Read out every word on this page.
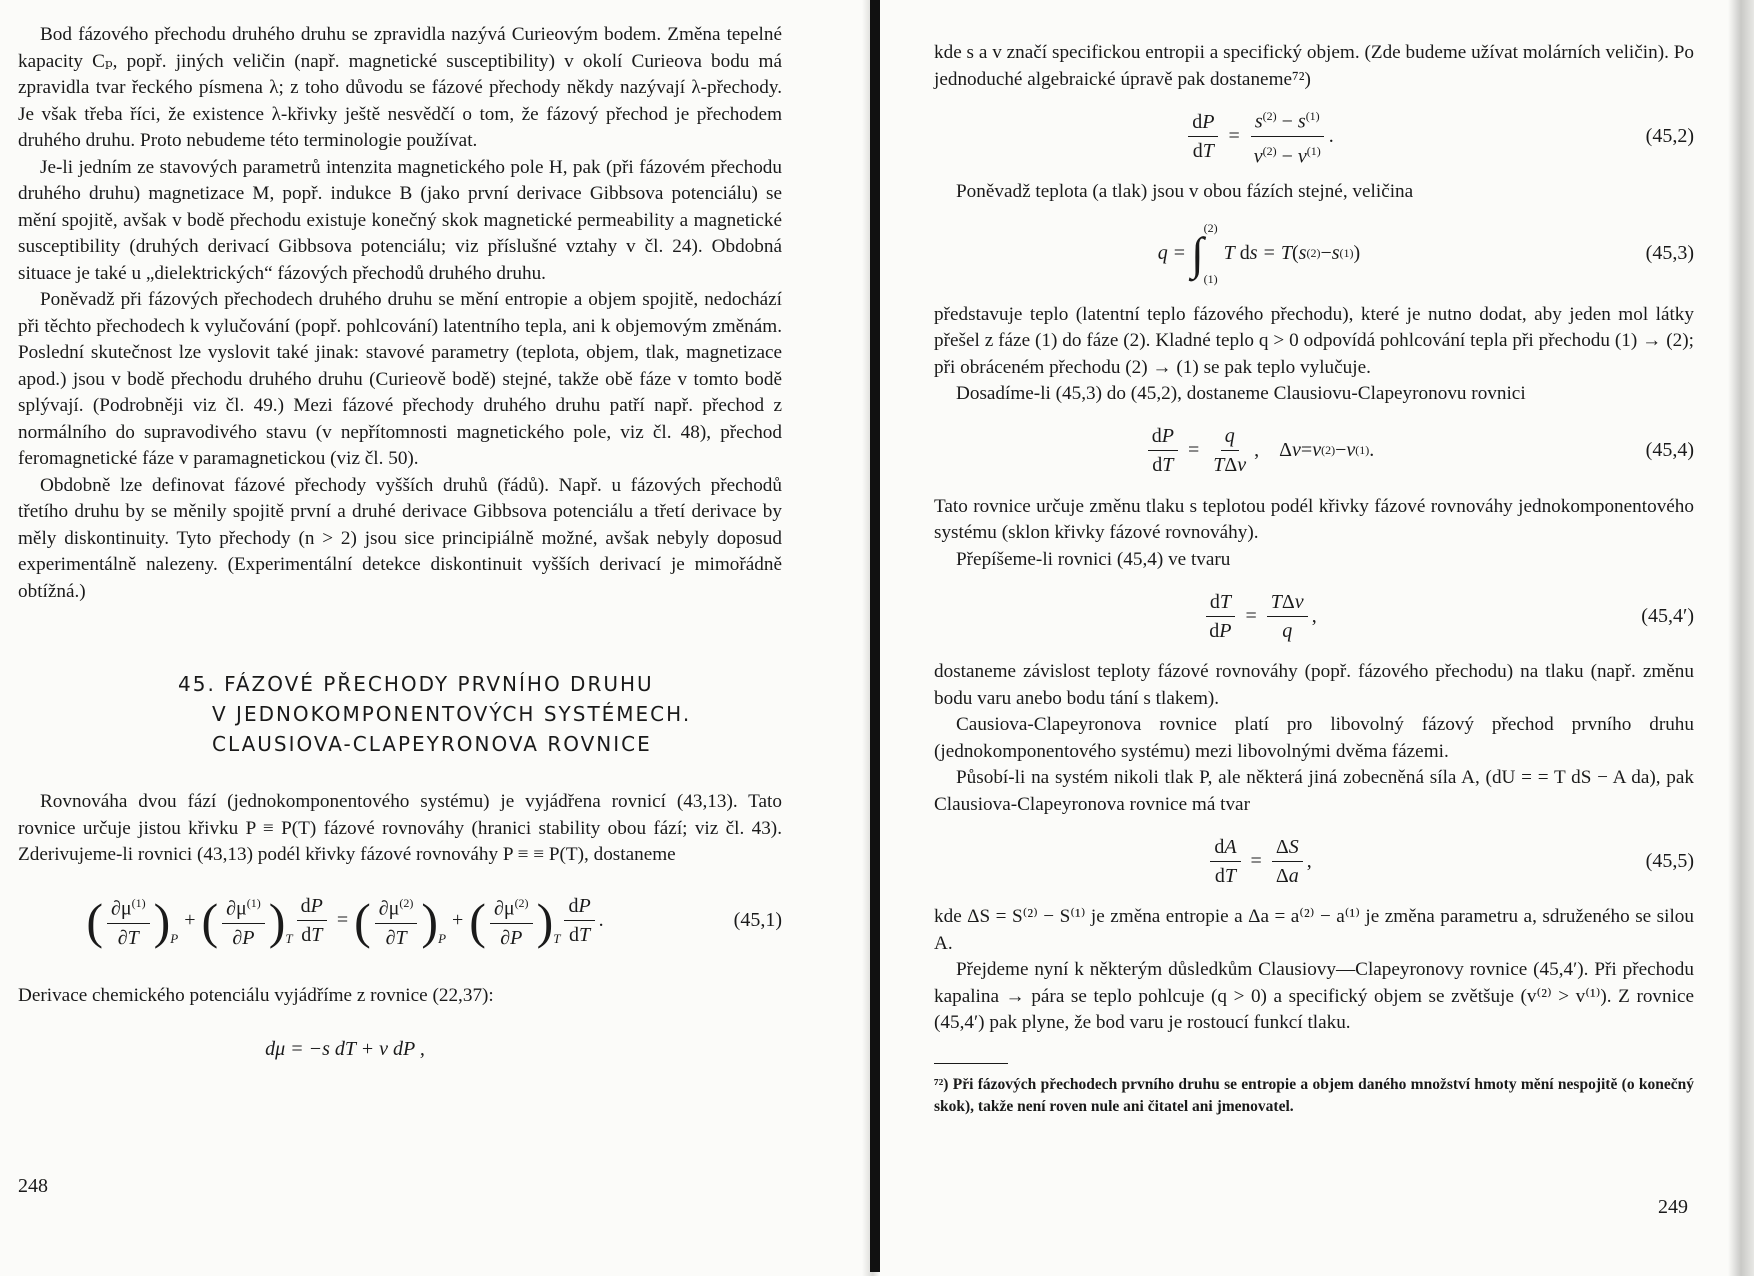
Bod fázového přechodu druhého druhu se zpravidla nazývá Curieovým bodem. Změna tepelné kapacity Cₚ, popř. jiných veličin (např. magnetické susceptibility) v okolí Curieova bodu má zpravidla tvar řeckého písmena λ; z toho důvodu se fázové přechody někdy nazývají λ-přechody. Je však třeba říci, že existence λ-křivky ještě nesvědčí o tom, že fázový přechod je přechodem druhého druhu. Proto nebudeme této terminologie používat.

Je-li jedním ze stavových parametrů intenzita magnetického pole H, pak (při fázovém přechodu druhého druhu) magnetizace M, popř. indukce B (jako první derivace Gibbsova potenciálu) se mění spojitě, avšak v bodě přechodu existuje konečný skok magnetické permeability a magnetické susceptibility (druhých derivací Gibbsova potenciálu; viz příslušné vztahy v čl. 24). Obdobná situace je také u „dielektrických“ fázových přechodů druhého druhu.

Poněvadž při fázových přechodech druhého druhu se mění entropie a objem spojitě, nedochází při těchto přechodech k vylučování (popř. pohlcování) latentního tepla, ani k objemovým změnám. Poslední skutečnost lze vyslovit také jinak: stavové parametry (teplota, objem, tlak, magnetizace apod.) jsou v bodě přechodu druhého druhu (Curieově bodě) stejné, takže obě fáze v tomto bodě splývají. (Podrobněji viz čl. 49.) Mezi fázové přechody druhého druhu patří např. přechod z normálního do supravodivého stavu (v nepřítomnosti magnetického pole, viz čl. 48), přechod feromagnetické fáze v paramagnetickou (viz čl. 50).

Obdobně lze definovat fázové přechody vyšších druhů (řádů). Např. u fázových přechodů třetího druhu by se měnily spojitě první a druhé derivace Gibbsova potenciálu a třetí derivace by měly diskontinuity. Tyto přechody (n > 2) jsou sice principiálně možné, avšak nebyly doposud experimentálně nalezeny. (Experimentální detekce diskontinuit vyšších derivací je mimořádně obtížná.)

45. FÁZOVÉ PŘECHODY PRVNÍHO DRUHU
V JEDNOKOMPONENTOVÝCH SYSTÉMECH.
CLAUSIOVA-CLAPEYRONOVA ROVNICE

Rovnováha dvou fází (jednokomponentového systému) je vyjádřena rovnicí (43,13). Tato rovnice určuje jistou křivku P ≡ P(T) fázové rovnováhy (hranici stability obou fází; viz čl. 43). Zderivujeme-li rovnici (43,13) podél křivky fázové rovnováhy P ≡ ≡ P(T), dostaneme

( $\frac{\partial\mu^{(1)}}{\partial T}$ ) P
+ ( $\frac{\partial\mu^{(1)}}{\partial P}$ ) T $\frac{dP}{dT}$ = ( $\frac{\partial\mu^{(2)}}{\partial T}$ ) P
+ ( $\frac{\partial\mu^{(2)}}{\partial P}$ ) T $\frac{dP}{dT}$ .	(45,1)

Derivace chemického potenciálu vyjádříme z rovnice (22,37):

dμ = −s dT + v dP ,
248

kde s a v značí specifickou entropii a specifický objem. (Zde budeme užívat molárních veličin). Po jednoduché algebraické úpravě pak dostaneme⁷²)

$\frac{dP}{dT} = \frac{s^{(2)} - s^{(1)}}{v^{(2)} - v^{(1)}}$ .	(45,2)

Poněvadž teplota (a tlak) jsou v obou fázích stejné, veličina

q = ∫
(2)
(1)
T d s = T ( s (2) − s (1) )	(45,3)

představuje teplo (latentní teplo fázového přechodu), které je nutno dodat, aby jeden mol látky přešel z fáze (1) do fáze (2). Kladné teplo q > 0 odpovídá pohlcování tepla při přechodu (1) → (2); při obráceném přechodu (2) → (1) se pak teplo vylučuje.

Dosadíme-li (45,3) do (45,2), dostaneme Clausiovu-Clapeyronovu rovnici

$\frac{dP}{dT} = \frac{q}{\text{TΔv}}$ ,    Δ v = v (2) − v (1) .	(45,4)

Tato rovnice určuje změnu tlaku s teplotou podél křivky fázové rovnováhy jednokomponentového systému (sklon křivky fázové rovnováhy).

Přepíšeme-li rovnici (45,4) ve tvaru

$\frac{dT}{dP} = \frac{\text{TΔv}}{q}$ ,	(45,4′)

dostaneme závislost teploty fázové rovnováhy (popř. fázového přechodu) na tlaku (např. změnu bodu varu anebo bodu tání s tlakem).

Causiova-Clapeyronova rovnice platí pro libovolný fázový přechod prvního druhu (jednokomponentového systému) mezi libovolnými dvěma fázemi.

Působí-li na systém nikoli tlak P, ale některá jiná zobecněná síla A, (dU = = T dS − A da), pak Clausiova-Clapeyronova rovnice má tvar

$\frac{dA}{dT} = \frac{\Delta S}{\Delta a}$ ,	(45,5)

kde ΔS = S⁽²⁾ − S⁽¹⁾ je změna entropie a Δa = a⁽²⁾ − a⁽¹⁾ je změna parametru a, sdruženého se silou A.

Přejdeme nyní k některým důsledkům Clausiovy—Clapeyronovy rovnice (45,4′). Při přechodu kapalina → pára se teplo pohlcuje (q > 0) a specifický objem se zvětšuje (v⁽²⁾ > v⁽¹⁾). Z rovnice (45,4′) pak plyne, že bod varu je rostoucí funkcí tlaku.

⁷²) Při fázových přechodech prvního druhu se entropie a objem daného množství hmoty mění nespojitě (o konečný skok), takže není roven nule ani čitatel ani jmenovatel.
249
